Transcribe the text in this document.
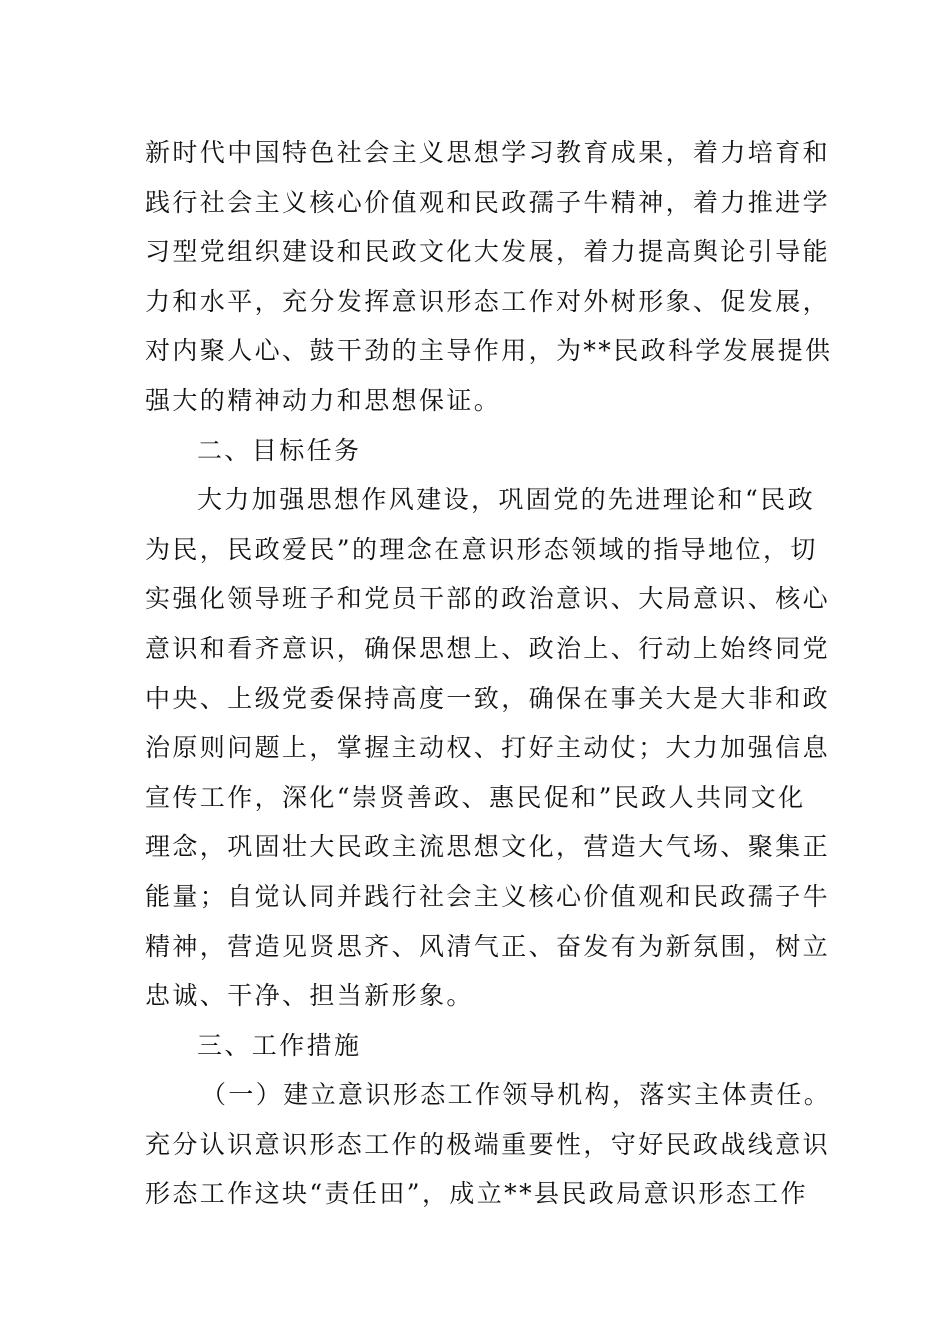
新时代中国特色社会主义思想学习教育成果，着力培育和
践行社会主义核心价值观和民政孺子牛精神，着力推进学
习型党组织建设和民政文化大发展，着力提高舆论引导能
力和水平，充分发挥意识形态工作对外树形象、促发展，
对内聚人心、鼓干劲的主导作用，为**民政科学发展提供
强大的精神动力和思想保证。
二、目标任务
大力加强思想作风建设，巩固党的先进理论和“民政
为民，民政爱民”的理念在意识形态领域的指导地位，切
实强化领导班子和党员干部的政治意识、大局意识、核心
意识和看齐意识，确保思想上、政治上、行动上始终同党
中央、上级党委保持高度一致，确保在事关大是大非和政
治原则问题上，掌握主动权、打好主动仗；大力加强信息
宣传工作，深化“崇贤善政、惠民促和”民政人共同文化
理念，巩固壮大民政主流思想文化，营造大气场、聚集正
能量；自觉认同并践行社会主义核心价值观和民政孺子牛
精神，营造见贤思齐、风清气正、奋发有为新氛围，树立
忠诚、干净、担当新形象。
三、工作措施
（一）建立意识形态工作领导机构，落实主体责任。
充分认识意识形态工作的极端重要性，守好民政战线意识
形态工作这块“责任田”，成立**县民政局意识形态工作
